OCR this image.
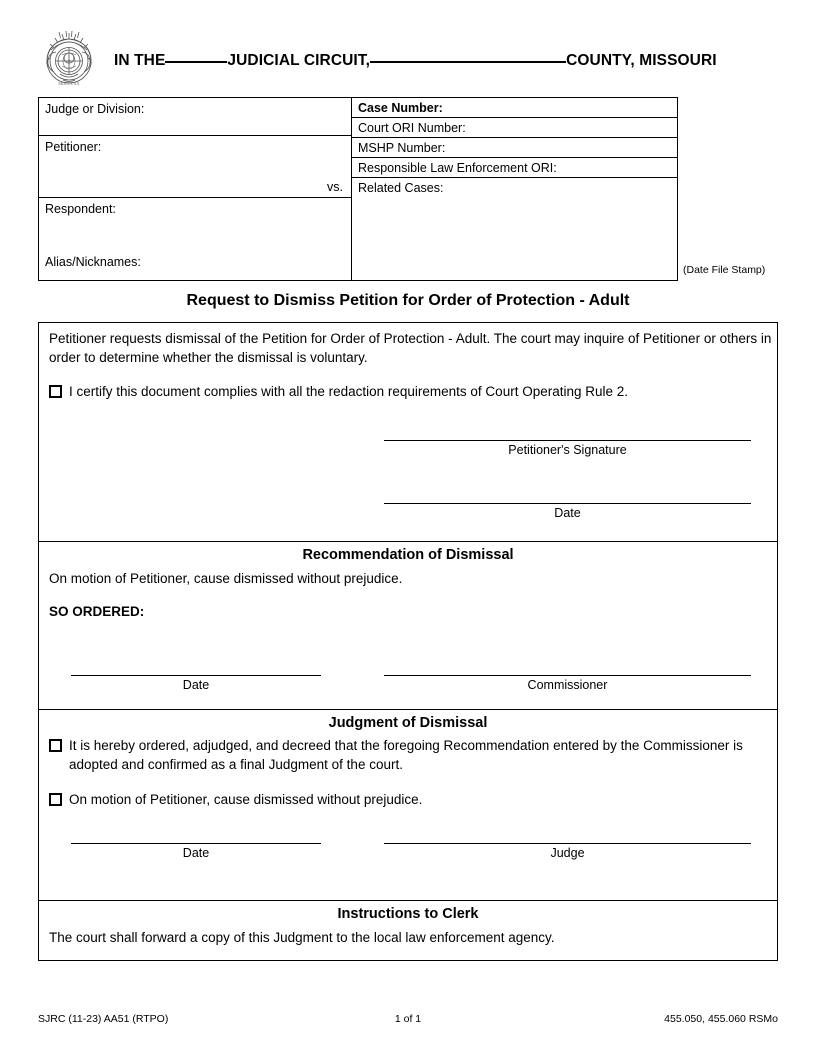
MDCCCXX
IN THE	JUDICIAL CIRCUIT,	COUNTY, MISSOURI
Judge or Division:
Petitioner:
vs.
Respondent:
Alias/Nicknames:
Case Number:
Court ORI Number:
MSHP Number:
Responsible Law Enforcement ORI:
Related Cases:
(Date File Stamp)
Request to Dismiss Petition for Order of Protection - Adult
Petitioner requests dismissal of the Petition for Order of Protection - Adult. The court may inquire of Petitioner or others in order to determine whether the dismissal is voluntary.
I certify this document complies with all the redaction requirements of Court Operating Rule 2.
Petitioner's Signature
Date
Recommendation of Dismissal
On motion of Petitioner, cause dismissed without prejudice.
SO ORDERED:
Date	Commissioner
Judgment of Dismissal
It is hereby ordered, adjudged, and decreed that the foregoing Recommendation entered by the Commissioner is adopted and confirmed as a final Judgment of the court.
On motion of Petitioner, cause dismissed without prejudice.
Date	Judge
Instructions to Clerk
The court shall forward a copy of this Judgment to the local law enforcement agency.
SJRC (11-23) AA51 (RTPO)	1 of 1	455.050, 455.060 RSMo
